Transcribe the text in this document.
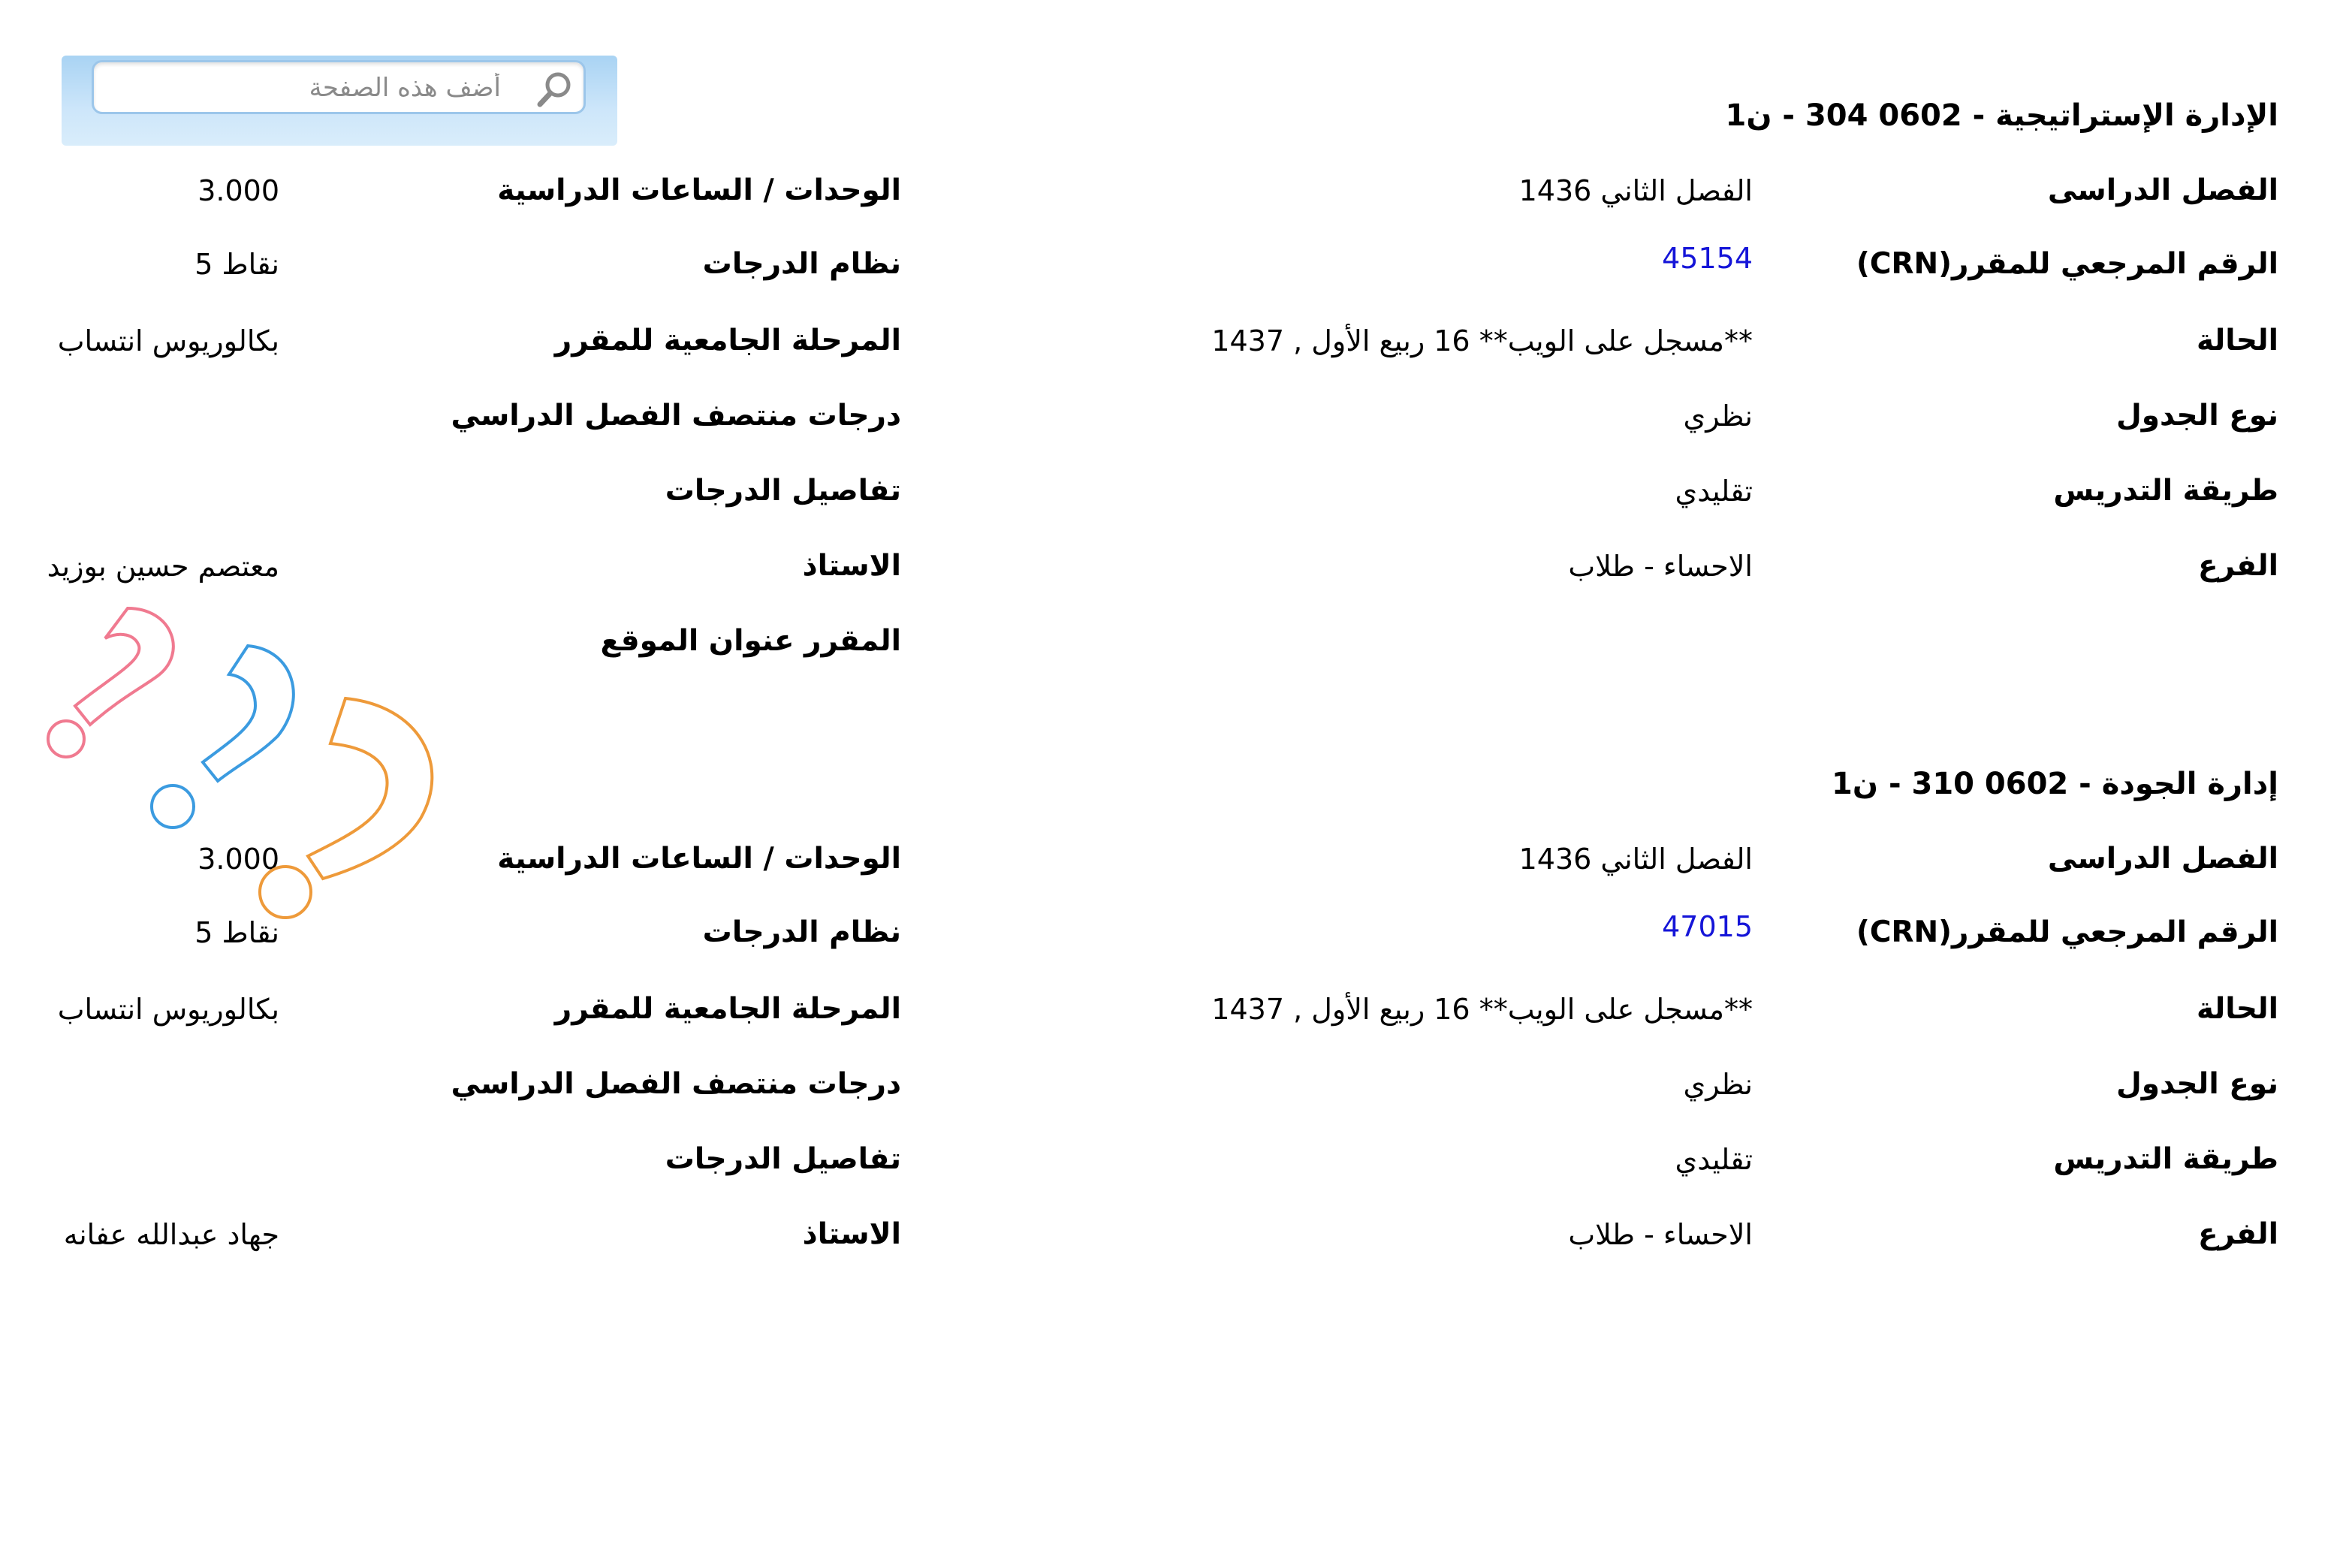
أضف هذه الصفحة
الإدارة الإستراتيجية - 0602 304 - ن1
الفصل الدراسى
الفصل الثاني 1436
الوحدات / الساعات الدراسية
3.000
الرقم المرجعي للمقرر(CRN)
45154
نظام الدرجات
نقاط 5
الحالة
**مسجل على الويب** 16 ربيع الأول , 1437
المرحلة الجامعية للمقرر
بكالوريوس انتساب
نوع الجدول
نظري
درجات منتصف الفصل الدراسي
طريقة التدريس
تقليدي
تفاصيل الدرجات
الفرع
الاحساء - طلاب
الاستاذ
معتصم حسين بوزيد
المقرر عنوان الموقع
إدارة الجودة - 0602 310 - ن1
الفصل الدراسى
الفصل الثاني 1436
الوحدات / الساعات الدراسية
3.000
الرقم المرجعي للمقرر(CRN)
47015
نظام الدرجات
نقاط 5
الحالة
**مسجل على الويب** 16 ربيع الأول , 1437
المرحلة الجامعية للمقرر
بكالوريوس انتساب
نوع الجدول
نظري
درجات منتصف الفصل الدراسي
طريقة التدريس
تقليدي
تفاصيل الدرجات
الفرع
الاحساء - طلاب
الاستاذ
جهاد عبدالله عفانه
